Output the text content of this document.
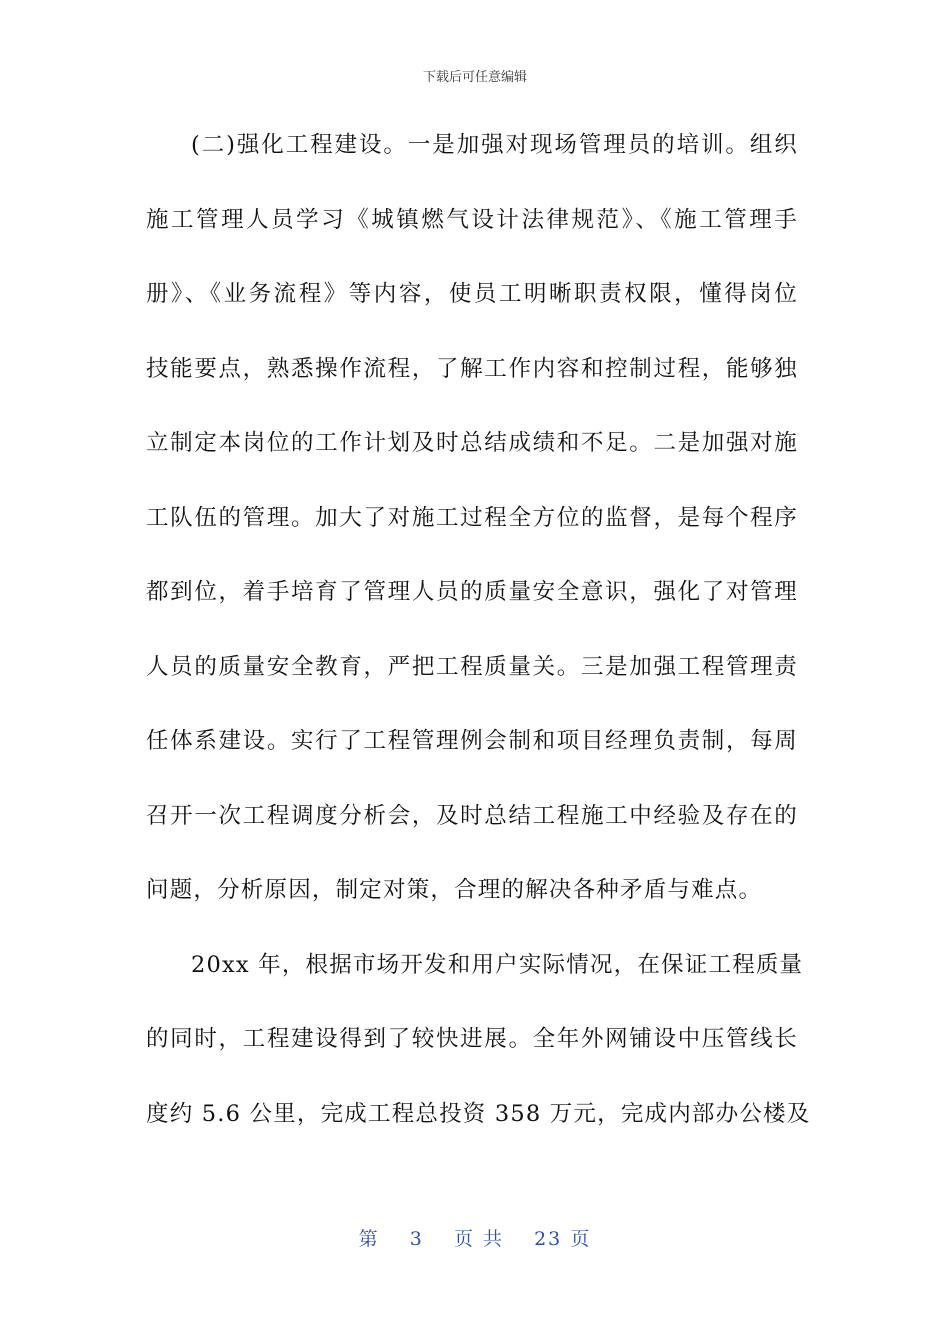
下载后可任意编辑
(二)强化工程建设。一是加强对现场管理员的培训。组织
施工管理人员学习《城镇燃气设计法律规范》、《施工管理手
册》、《业务流程》等内容，使员工明晰职责权限，懂得岗位
技能要点，熟悉操作流程，了解工作内容和控制过程，能够独
立制定本岗位的工作计划及时总结成绩和不足。二是加强对施
工队伍的管理。加大了对施工过程全方位的监督，是每个程序
都到位，着手培育了管理人员的质量安全意识，强化了对管理
人员的质量安全教育，严把工程质量关。三是加强工程管理责
任体系建设。实行了工程管理例会制和项目经理负责制，每周
召开一次工程调度分析会，及时总结工程施工中经验及存在的
问题，分析原因，制定对策，合理的解决各种矛盾与难点。
20xx 年，根据市场开发和用户实际情况，在保证工程质量
的同时，工程建设得到了较快进展。全年外网铺设中压管线长
度约 5.6 公里，完成工程总投资 358 万元，完成内部办公楼及
第 3 页 共 23 页
